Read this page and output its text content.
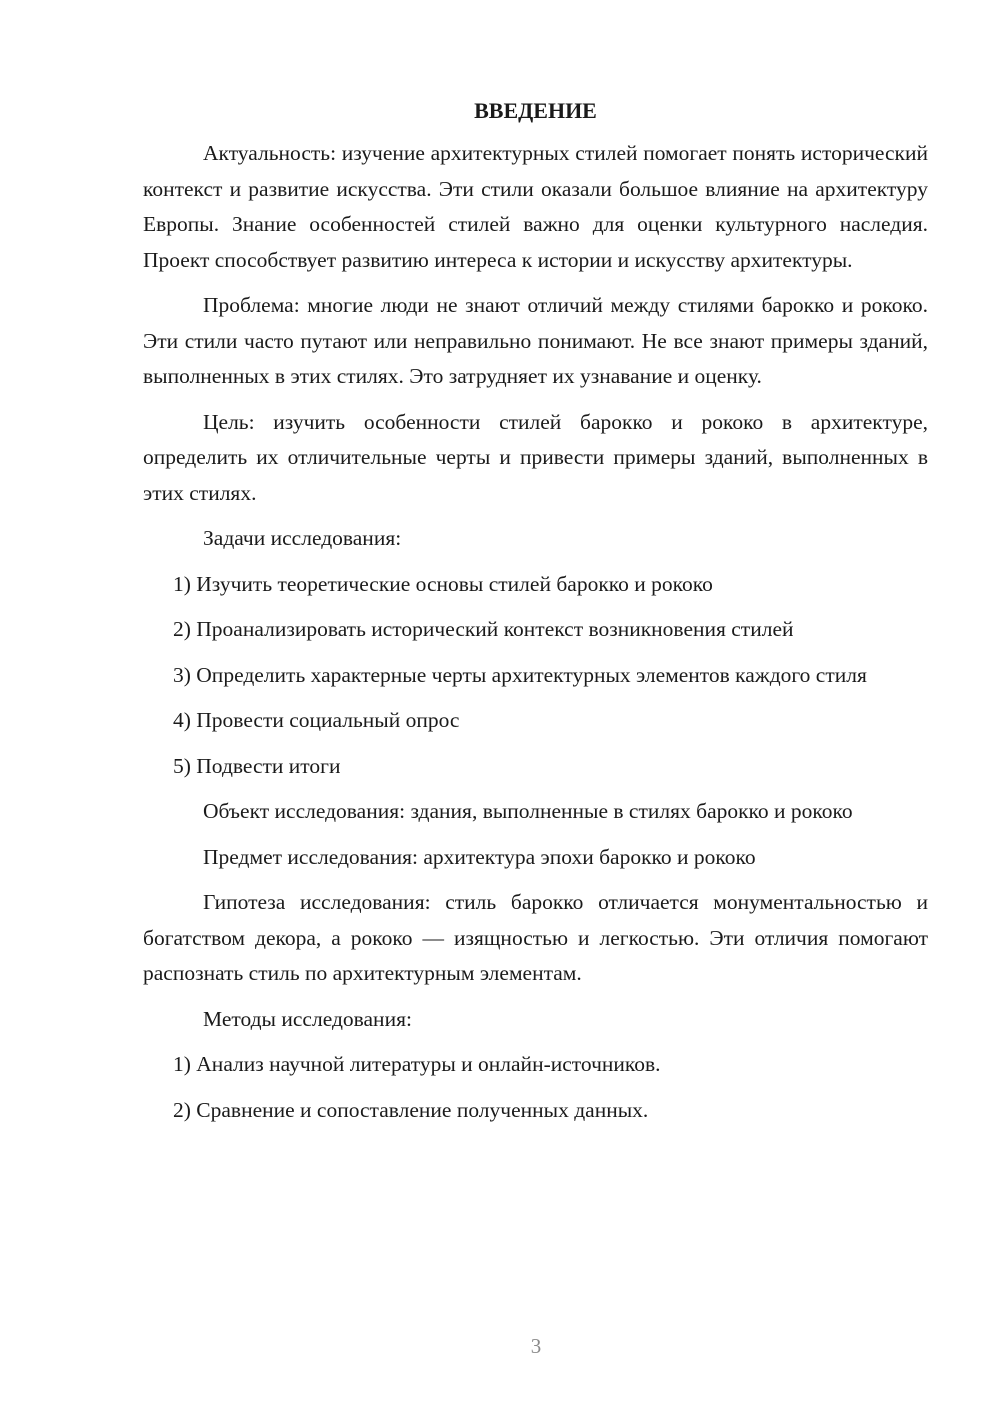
ВВЕДЕНИЕ

Актуальность: изучение архитектурных стилей помогает понять исторический контекст и развитие искусства. Эти стили оказали большое влияние на архитектуру Европы. Знание особенностей стилей важно для оценки культурного наследия. Проект способствует развитию интереса к истории и искусству архитектуры.

Проблема: многие люди не знают отличий между стилями барокко и рококо. Эти стили часто путают или неправильно понимают. Не все знают примеры зданий, выполненных в этих стилях. Это затрудняет их узнавание и оценку.

Цель: изучить особенности стилей барокко и рококо в архитектуре, определить их отличительные черты и привести примеры зданий, выполненных в этих стилях.

Задачи исследования:

1) Изучить теоретические основы стилей барокко и рококо

2) Проанализировать исторический контекст возникновения стилей

3) Определить характерные черты архитектурных элементов каждого стиля

4) Провести социальный опрос

5) Подвести итоги

Объект исследования: здания, выполненные в стилях барокко и рококо

Предмет исследования: архитектура эпохи барокко и рококо

Гипотеза исследования: стиль барокко отличается монументальностью и богатством декора, а рококо — изящностью и легкостью. Эти отличия помогают распознать стиль по архитектурным элементам.

Методы исследования:

1) Анализ научной литературы и онлайн-источников.

2) Сравнение и сопоставление полученных данных.

3
